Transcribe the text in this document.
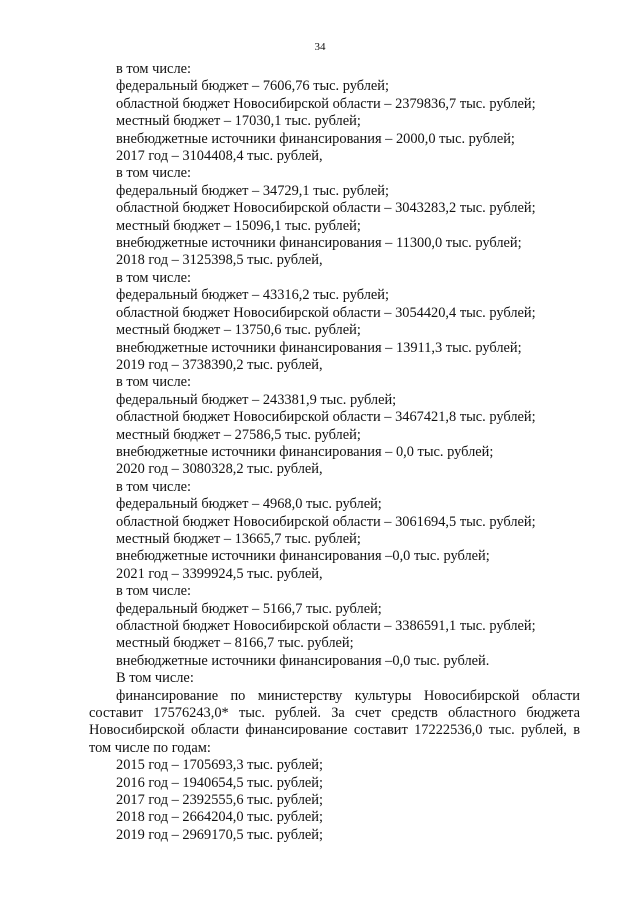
34

в том числе:

федеральный бюджет – 7606,76 тыс. рублей;

областной бюджет Новосибирской области – 2379836,7 тыс. рублей;

местный бюджет – 17030,1 тыс. рублей;

внебюджетные источники финансирования – 2000,0 тыс. рублей;

2017 год – 3104408,4 тыс. рублей,

в том числе:

федеральный бюджет – 34729,1 тыс. рублей;

областной бюджет Новосибирской области – 3043283,2 тыс. рублей;

местный бюджет – 15096,1 тыс. рублей;

внебюджетные источники финансирования – 11300,0 тыс. рублей;

2018 год – 3125398,5 тыс. рублей,

в том числе:

федеральный бюджет – 43316,2 тыс. рублей;

областной бюджет Новосибирской области – 3054420,4 тыс. рублей;

местный бюджет – 13750,6 тыс. рублей;

внебюджетные источники финансирования – 13911,3 тыс. рублей;

2019 год – 3738390,2 тыс. рублей,

в том числе:

федеральный бюджет – 243381,9 тыс. рублей;

областной бюджет Новосибирской области – 3467421,8 тыс. рублей;

местный бюджет – 27586,5 тыс. рублей;

внебюджетные источники финансирования – 0,0 тыс. рублей;

2020 год – 3080328,2 тыс. рублей,

в том числе:

федеральный бюджет – 4968,0 тыс. рублей;

областной бюджет Новосибирской области – 3061694,5 тыс. рублей;

местный бюджет – 13665,7 тыс. рублей;

внебюджетные источники финансирования –0,0 тыс. рублей;

2021 год – 3399924,5 тыс. рублей,

в том числе:

федеральный бюджет – 5166,7 тыс. рублей;

областной бюджет Новосибирской области – 3386591,1 тыс. рублей;

местный бюджет – 8166,7 тыс. рублей;

внебюджетные источники финансирования –0,0 тыс. рублей.

В том числе:

финансирование по министерству культуры Новосибирской области составит 17576243,0* тыс. рублей. За счет средств областного бюджета Новосибирской области финансирование составит 17222536,0 тыс. рублей, в том числе по годам:

2015 год – 1705693,3 тыс. рублей;

2016 год – 1940654,5 тыс. рублей;

2017 год – 2392555,6 тыс. рублей;

2018 год – 2664204,0 тыс. рублей;

2019 год – 2969170,5 тыс. рублей;
